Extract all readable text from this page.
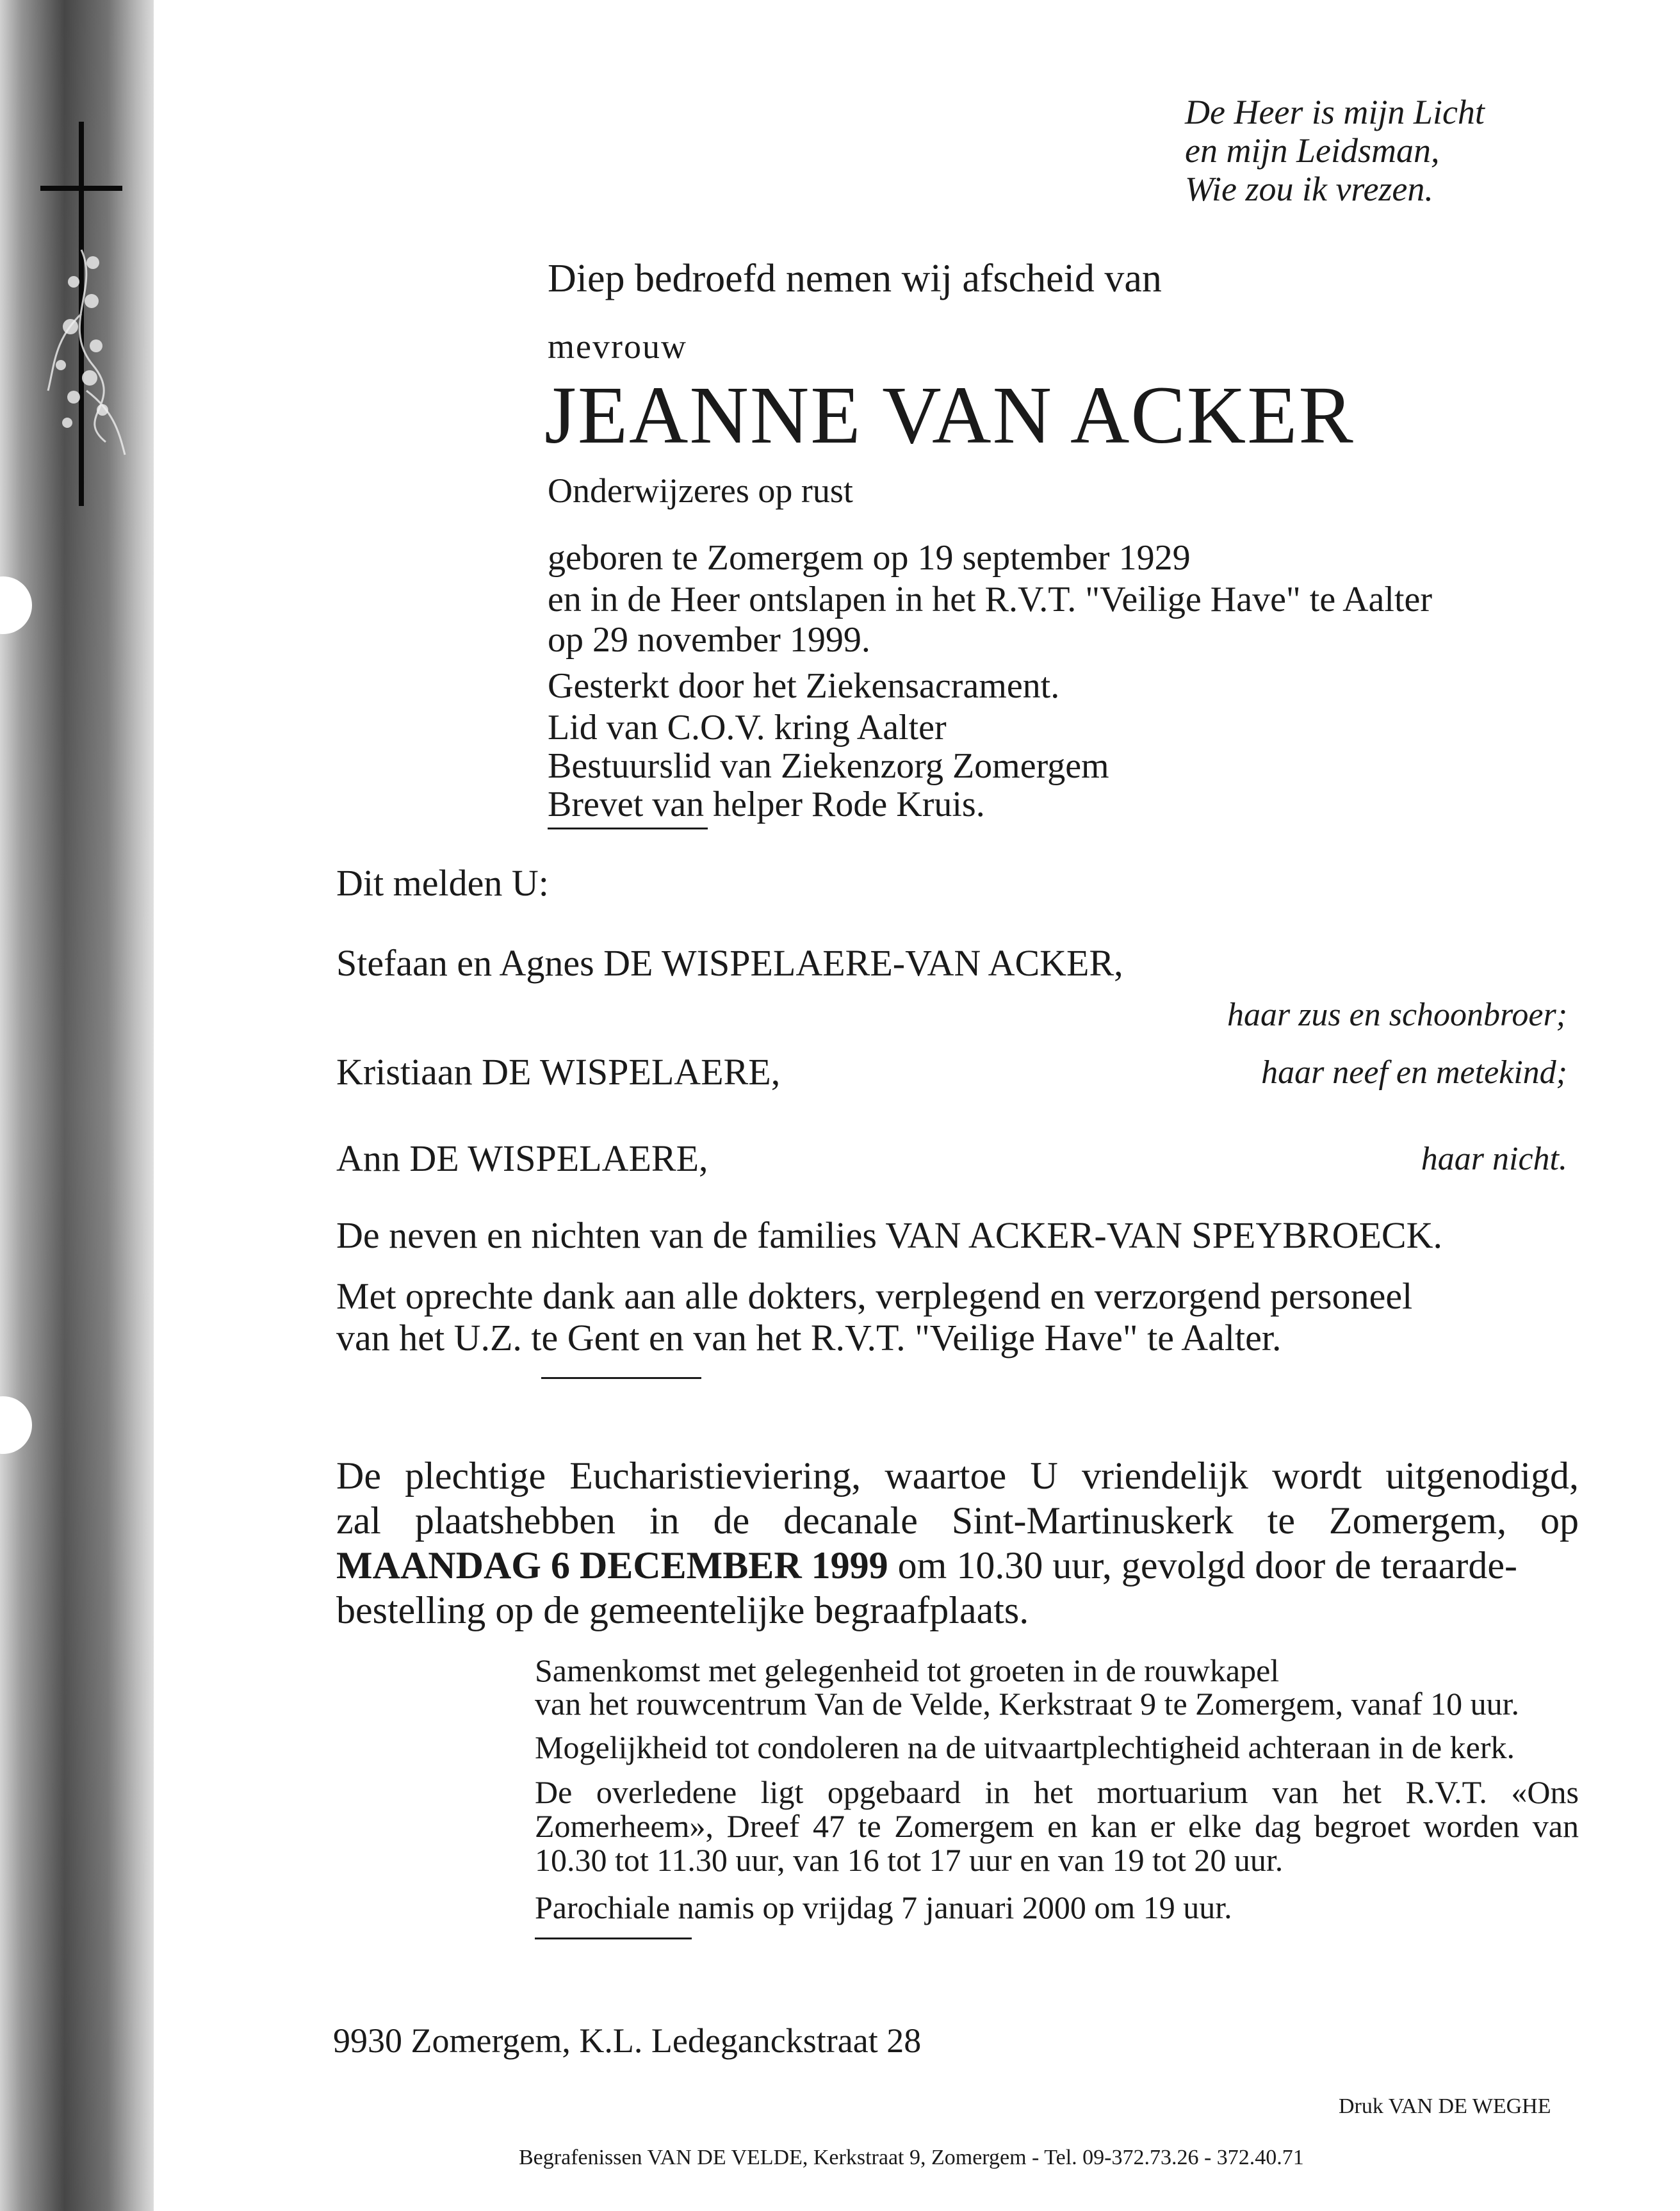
De Heer is mijn Licht
en mijn Leidsman,
Wie zou ik vrezen.
Diep bedroefd nemen wij afscheid van
mevrouw
JEANNE VAN ACKER
Onderwijzeres op rust
geboren te Zomergem op 19 september 1929
en in de Heer ontslapen in het R.V.T. "Veilige Have" te Aalter
op 29 november 1999.
Gesterkt door het Ziekensacrament.
Lid van C.O.V. kring Aalter
Bestuurslid van Ziekenzorg Zomergem
Brevet van helper Rode Kruis.
Dit melden U:
Stefaan en Agnes DE WISPELAERE-VAN ACKER,
haar zus en schoonbroer;
Kristiaan DE WISPELAERE,	haar neef en metekind;
Ann DE WISPELAERE,	haar nicht.
De neven en nichten van de families VAN ACKER-VAN SPEYBROECK.
Met oprechte dank aan alle dokters, verplegend en verzorgend personeel
van het U.Z. te Gent en van het R.V.T. "Veilige Have" te Aalter.
De plechtige Eucharistieviering, waartoe U vriendelijk wordt uitgenodigd,
zal plaatshebben in de decanale Sint-Martinuskerk te Zomergem, op
MAANDAG 6 DECEMBER 1999 om 10.30 uur, gevolgd door de teraarde-
bestelling op de gemeentelijke begraafplaats.
Samenkomst met gelegenheid tot groeten in de rouwkapel
van het rouwcentrum Van de Velde, Kerkstraat 9 te Zomergem, vanaf 10 uur.
Mogelijkheid tot condoleren na de uitvaartplechtigheid achteraan in de kerk.
De overledene ligt opgebaard in het mortuarium van het R.V.T. «Ons
Zomerheem», Dreef 47 te Zomergem en kan er elke dag begroet worden van
10.30 tot 11.30 uur, van 16 tot 17 uur en van 19 tot 20 uur.
Parochiale namis op vrijdag 7 januari 2000 om 19 uur.
9930 Zomergem, K.L. Ledeganckstraat 28
Druk VAN DE WEGHE
Begrafenissen VAN DE VELDE, Kerkstraat 9, Zomergem - Tel. 09-372.73.26 - 372.40.71
